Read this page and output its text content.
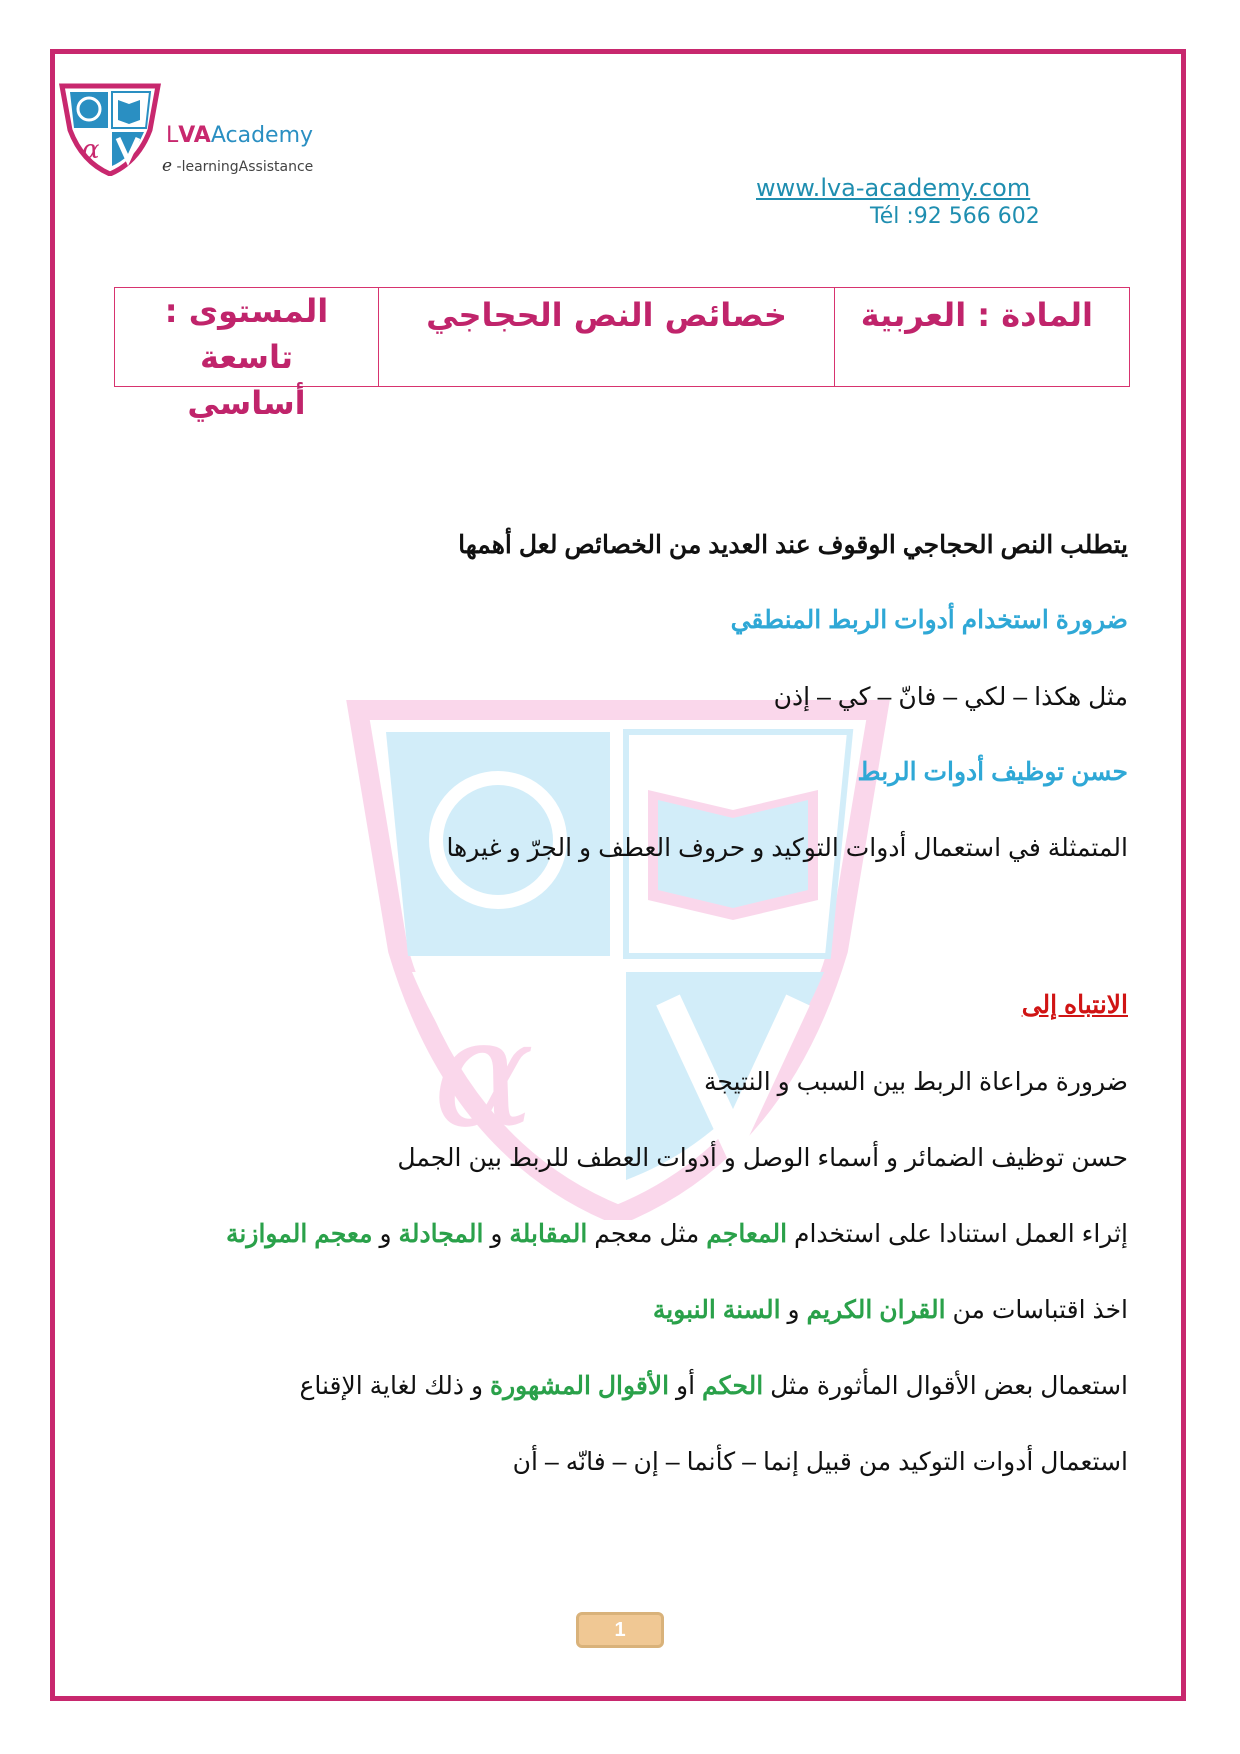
α	LVAAcademy
e -learningAssistance
www.lva-academy.com
Tél :92 566 602
المادة : العربية
خصائص النص الحجاجي
المستوى : تاسعة
أساسي
α
يتطلب النص الحجاجي الوقوف عند العديد من الخصائص لعل أهمها
ضرورة استخدام أدوات الربط المنطقي
مثل هكذا – لكي – فانّ – كي – إذن
حسن توظيف أدوات الربط
المتمثلة في استعمال أدوات التوكيد و حروف العطف و الجرّ و غيرها
الانتباه إلى
ضرورة مراعاة الربط بين السبب و النتيجة
حسن توظيف الضمائر و أسماء الوصل و أدوات العطف للربط بين الجمل
إثراء العمل استنادا على استخدام المعاجم مثل معجم المقابلة و المجادلة و معجم الموازنة
اخذ اقتباسات من القران الكريم و السنة النبوية
استعمال بعض الأقوال المأثورة مثل الحكم أو الأقوال المشهورة و ذلك لغاية الإقناع
استعمال أدوات التوكيد من قبيل إنما – كأنما – إن – فانّه – أن
1
